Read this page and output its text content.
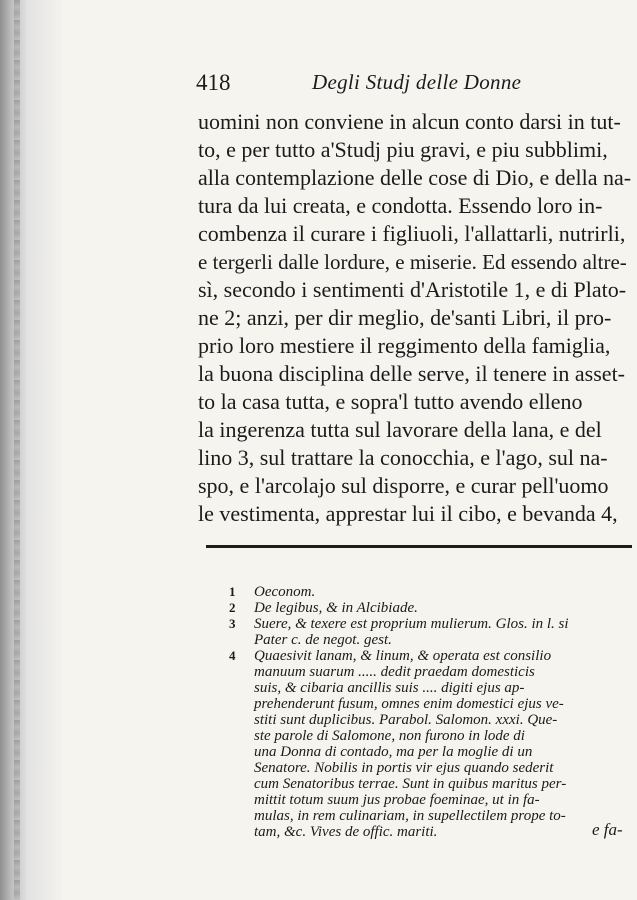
418	Degli Studj delle Donne
uomini non conviene in alcun conto darsi in tut-
to, e per tutto a'Studj piu gravi, e piu subblimi,
alla contemplazione delle cose di Dio, e della na-
tura da lui creata, e condotta. Essendo loro in-
combenza il curare i figliuoli, l'allattarli, nutrirli,
e tergerli dalle lordure, e miserie. Ed essendo altre-
sì, secondo i sentimenti d'Aristotile 1, e di Plato-
ne 2; anzi, per dir meglio, de'santi Libri, il pro-
prio loro mestiere il reggimento della famiglia,
la buona disciplina delle serve, il tenere in asset-
to la casa tutta, e sopra'l tutto avendo elleno
la ingerenza tutta sul lavorare della lana, e del
lino 3, sul trattare la conocchia, e l'ago, sul na-
spo, e l'arcolajo sul disporre, e curar pell'uomo
le vestimenta, apprestar lui il cibo, e bevanda 4,
1 Oeconom.
2 De legibus, & in Alcibiade.
3 Suere, & texere est proprium mulierum. Glos. in l. si
Pater c. de negot. gest.
4 Quaesivit lanam, & linum, & operata est consilio
manuum suarum ..... dedit praedam domesticis
suis, & cibaria ancillis suis .... digiti ejus ap-
prehenderunt fusum, omnes enim domestici ejus ve-
stiti sunt duplicibus. Parabol. Salomon. xxxi. Que-
ste parole di Salomone, non furono in lode di
una Donna di contado, ma per la moglie di un
Senatore. Nobilis in portis vir ejus quando sederit
cum Senatoribus terrae. Sunt in quibus maritus per-
mittit totum suum jus probae foeminae, ut in fa-
mulas, in rem culinariam, in supellectilem prope to-
tam, &c. Vives de offic. mariti.	e fa-
